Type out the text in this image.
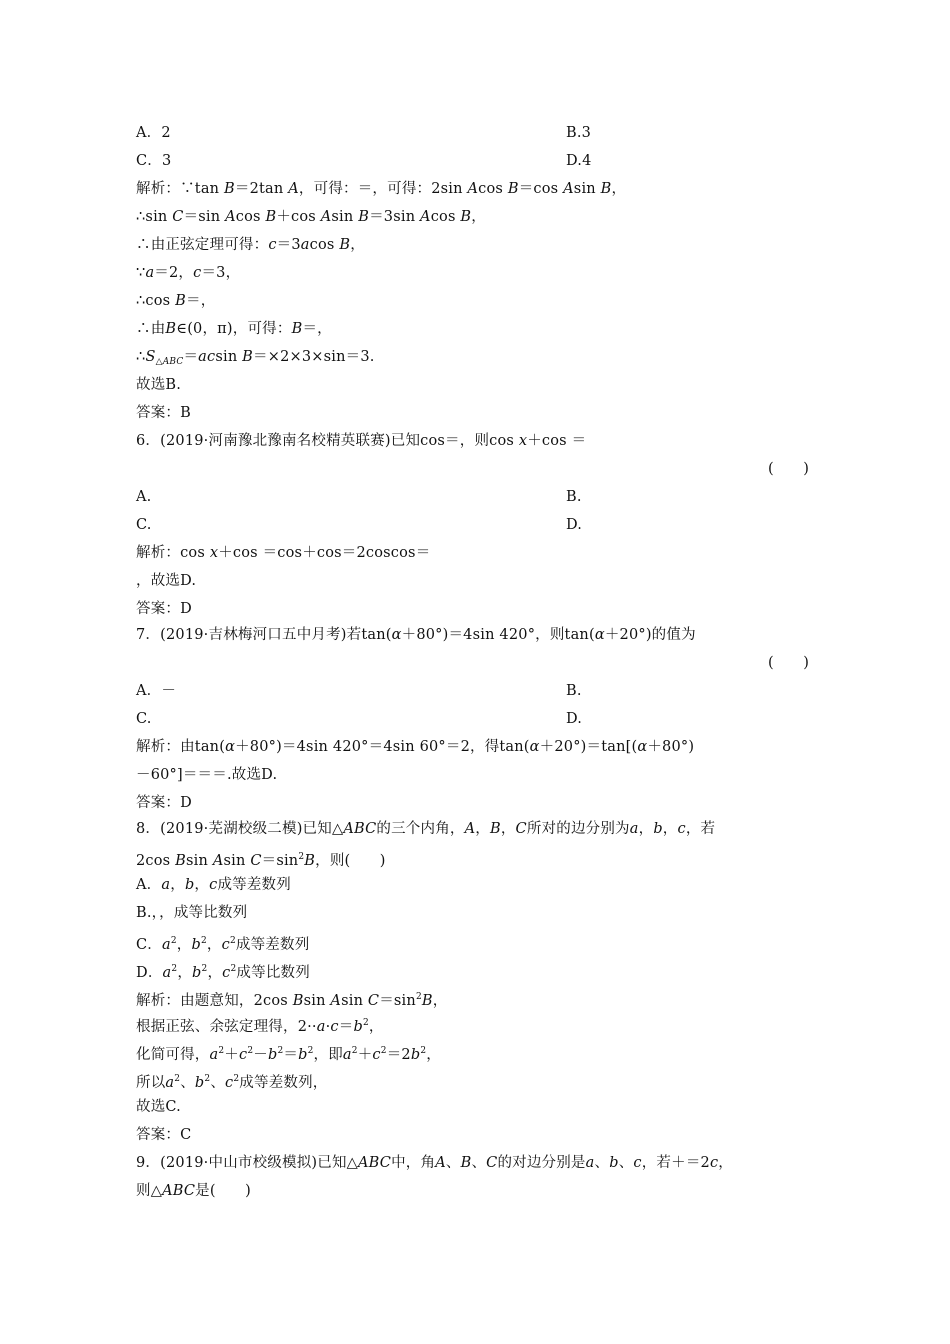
A．2	B.3
C．3	D.4
解析：∵tan B＝2tan A，可得：＝，可得：2sin Acos B＝cos Asin B，
∴sin C＝sin Acos B＋cos Asin B＝3sin Acos B，
∴由正弦定理可得：c＝3acos B，
∵a＝2，c＝3，
∴cos B＝，
∴由B∈(0，π)，可得：B＝，
$\therefore S_{\triangle ABC}=acsin$ B＝×2×3×sin＝3.
故选B.
答案：B
6．(2019·河南豫北豫南名校精英联赛)已知cos＝，则cos x＋cos ＝
(　　)
A.	B.
C.	D.
解析：cos x＋cos ＝cos＋cos＝2coscos＝
，故选D.
答案：D
7．(2019·吉林梅河口五中月考)若tan(α＋80°)＝4sin 420°，则tan(α＋20°)的值为
(　　)
A．－	B.
C.	D.
解析：由tan(α＋80°)＝4sin 420°＝4sin 60°＝2，得tan(α＋20°)＝tan[(α＋80°)
－60°]＝＝＝.故选D.
答案：D
8．(2019·芜湖校级二模)已知△ABC的三个内角，A，B，C所对的边分别为a，b，c，若
2cos Bsin Asin $C=\sin^2B$，则(　　)
A．a，b，c成等差数列
B.，，成等比数列
C．$a^2$，$b^2$，$c^2$成等差数列
D．$a^2$，$b^2$，$c^2$成等比数列
解析：由题意知，2cos Bsin Asin $C=\sin^2B$，
根据正弦、余弦定理得，$2\cdot\cdot a\cdot c=b^2$，
化简可得，$a^2+c^2-b^2=b^2$，即$a^2+c^2=2b^2$，
所以$a^2$、$b^2$、$c^2$成等差数列，
故选C.
答案：C
9．(2019·中山市校级模拟)已知△ABC中，角A、B、C的对边分别是a、b、c，若＋＝2c，
则△ABC是(　　)
